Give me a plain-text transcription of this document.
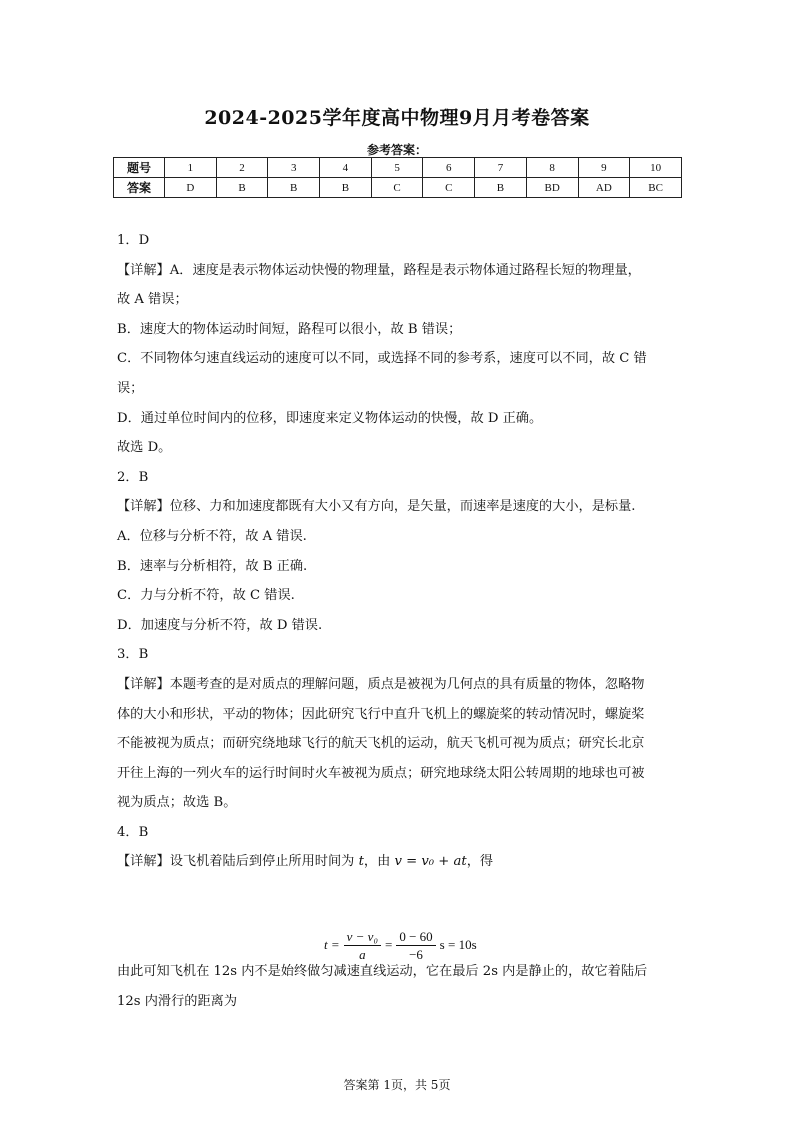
2024-2025学年度高中物理9月月考卷答案
参考答案：
题号	1	2	3	4	5	6	7	8	9	10
答案	D	B	B	B	C	C	B	BD	AD	BC
1．D
【详解】A．速度是表示物体运动快慢的物理量，路程是表示物体通过路程长短的物理量，
故 A 错误；
B．速度大的物体运动时间短，路程可以很小，故 B 错误；
C．不同物体匀速直线运动的速度可以不同，或选择不同的参考系，速度可以不同，故 C 错
误；
D．通过单位时间内的位移，即速度来定义物体运动的快慢，故 D 正确。
故选 D。
2．B
【详解】位移、力和加速度都既有大小又有方向，是矢量，而速率是速度的大小，是标量.
A．位移与分析不符，故 A 错误.
B．速率与分析相符，故 B 正确.
C．力与分析不符，故 C 错误.
D．加速度与分析不符，故 D 错误.
3．B
【详解】本题考查的是对质点的理解问题，质点是被视为几何点的具有质量的物体，忽略物
体的大小和形状，平动的物体；因此研究飞行中直升飞机上的螺旋桨的转动情况时，螺旋桨
不能被视为质点；而研究绕地球飞行的航天飞机的运动，航天飞机可视为质点；研究长北京
开往上海的一列火车的运行时间时火车被视为质点；研究地球绕太阳公转周期的地球也可被
视为质点；故选 B。
4．B
【详解】设飞机着陆后到停止所用时间为 t，由 v = v₀ + at，得
$t = \frac{\text{v − v₀}}{a} = \frac{0 - 60}{-6}$ s = 10s
由此可知飞机在 12s 内不是始终做匀减速直线运动，它在最后 2s 内是静止的，故它着陆后
12s 内滑行的距离为
答案第 1页，共 5页
